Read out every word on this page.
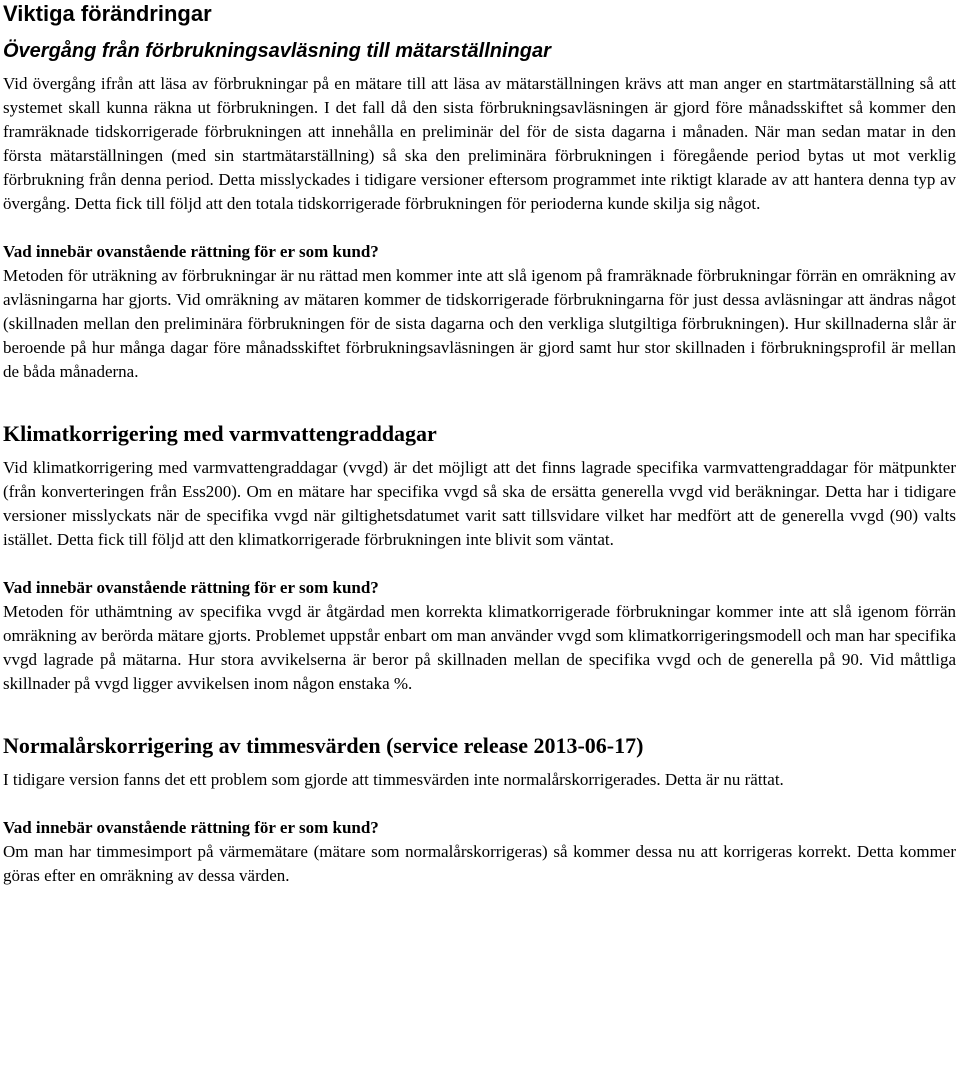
Viktiga förändringar
Övergång från förbrukningsavläsning till mätarställningar

Vid övergång ifrån att läsa av förbrukningar på en mätare till att läsa av mätarställningen krävs att man anger en startmätarställning så att systemet skall kunna räkna ut förbrukningen. I det fall då den sista förbrukningsavläsningen är gjord före månadsskiftet så kommer den framräknade tidskorrigerade förbrukningen att innehålla en preliminär del för de sista dagarna i månaden. När man sedan matar in den första mätarställningen (med sin startmätarställning) så ska den preliminära förbrukningen i föregående period bytas ut mot verklig förbrukning från denna period. Detta misslyckades i tidigare versioner eftersom programmet inte riktigt klarade av att hantera denna typ av övergång. Detta fick till följd att den totala tidskorrigerade förbrukningen för perioderna kunde skilja sig något.

Vad innebär ovanstående rättning för er som kund?

Metoden för uträkning av förbrukningar är nu rättad men kommer inte att slå igenom på framräknade förbrukningar förrän en omräkning av avläsningarna har gjorts. Vid omräkning av mätaren kommer de tidskorrigerade förbrukningarna för just dessa avläsningar att ändras något (skillnaden mellan den preliminära förbrukningen för de sista dagarna och den verkliga slutgiltiga förbrukningen). Hur skillnaderna slår är beroende på hur många dagar före månadsskiftet förbrukningsavläsningen är gjord samt hur stor skillnaden i förbrukningsprofil är mellan de båda månaderna.

Klimatkorrigering med varmvattengraddagar

Vid klimatkorrigering med varmvattengraddagar (vvgd) är det möjligt att det finns lagrade specifika varmvattengraddagar för mätpunkter (från konverteringen från Ess200). Om en mätare har specifika vvgd så ska de ersätta generella vvgd vid beräkningar. Detta har i tidigare versioner misslyckats när de specifika vvgd när giltighetsdatumet varit satt tillsvidare vilket har medfört att de generella vvgd (90) valts istället. Detta fick till följd att den klimatkorrigerade förbrukningen inte blivit som väntat.

Vad innebär ovanstående rättning för er som kund?

Metoden för uthämtning av specifika vvgd är åtgärdad men korrekta klimatkorrigerade förbrukningar kommer inte att slå igenom förrän omräkning av berörda mätare gjorts. Problemet uppstår enbart om man använder vvgd som klimatkorrigeringsmodell och man har specifika vvgd lagrade på mätarna. Hur stora avvikelserna är beror på skillnaden mellan de specifika vvgd och de generella på 90. Vid måttliga skillnader på vvgd ligger avvikelsen inom någon enstaka %.

Normalårskorrigering av timmesvärden (service release 2013-06-17)

I tidigare version fanns det ett problem som gjorde att timmesvärden inte normalårskorrigerades. Detta är nu rättat.

Vad innebär ovanstående rättning för er som kund?

Om man har timmesimport på värmemätare (mätare som normalårskorrigeras) så kommer dessa nu att korrigeras korrekt. Detta kommer göras efter en omräkning av dessa värden.
